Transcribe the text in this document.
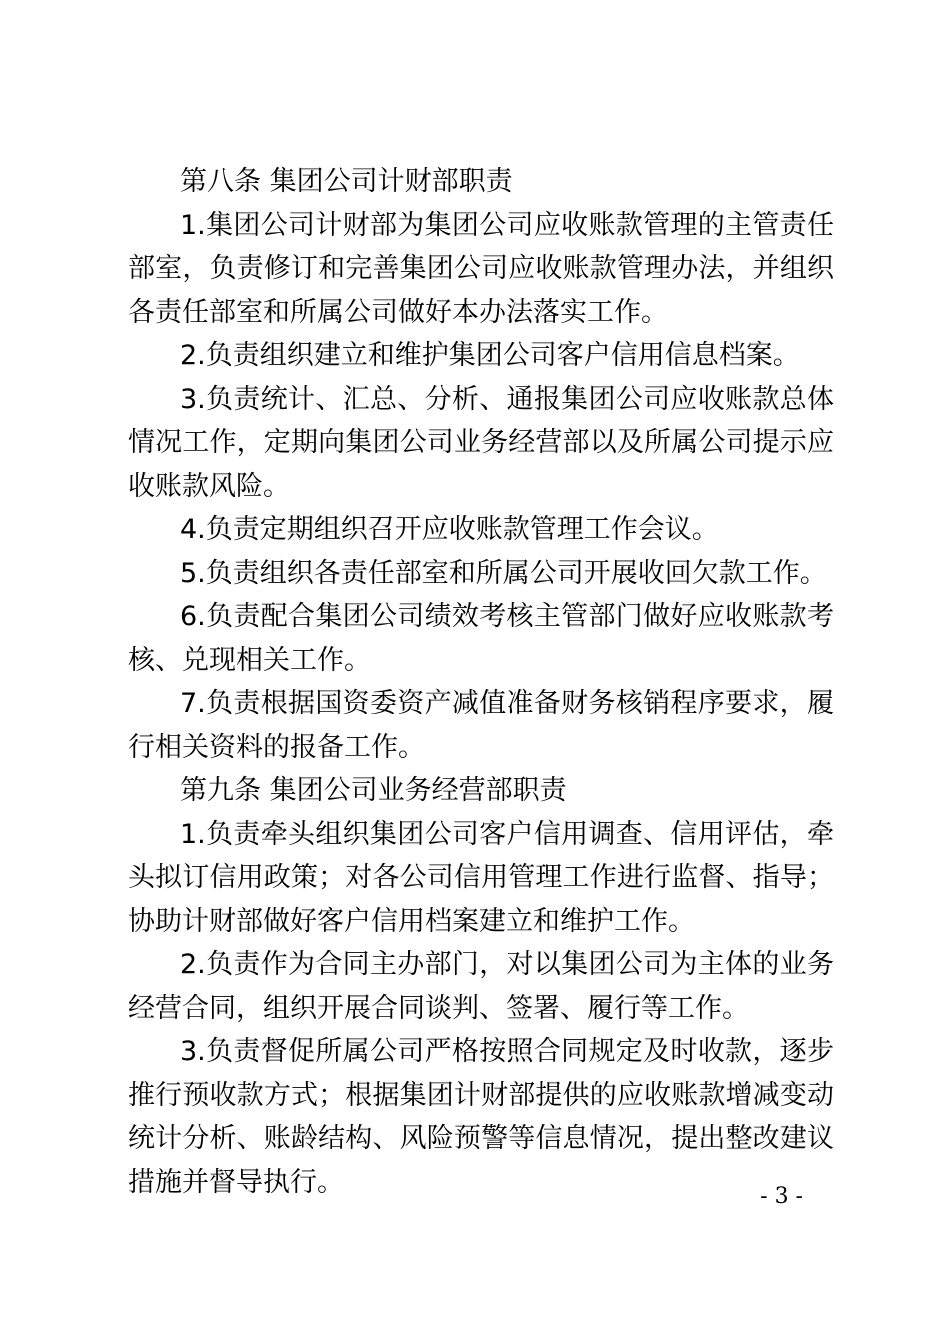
第八条 集团公司计财部职责

1.集团公司计财部为集团公司应收账款管理的主管责任部室，负责修订和完善集团公司应收账款管理办法，并组织各责任部室和所属公司做好本办法落实工作。

2.负责组织建立和维护集团公司客户信用信息档案。

3.负责统计、汇总、分析、通报集团公司应收账款总体情况工作，定期向集团公司业务经营部以及所属公司提示应收账款风险。

4.负责定期组织召开应收账款管理工作会议。

5.负责组织各责任部室和所属公司开展收回欠款工作。

6.负责配合集团公司绩效考核主管部门做好应收账款考核、兑现相关工作。

7.负责根据国资委资产减值准备财务核销程序要求，履行相关资料的报备工作。

第九条 集团公司业务经营部职责

1.负责牵头组织集团公司客户信用调查、信用评估，牵头拟订信用政策；对各公司信用管理工作进行监督、指导；协助计财部做好客户信用档案建立和维护工作。

2.负责作为合同主办部门，对以集团公司为主体的业务经营合同，组织开展合同谈判、签署、履行等工作。

3.负责督促所属公司严格按照合同规定及时收款，逐步推行预收款方式；根据集团计财部提供的应收账款增减变动统计分析、账龄结构、风险预警等信息情况，提出整改建议措施并督导执行。	- 3 -
